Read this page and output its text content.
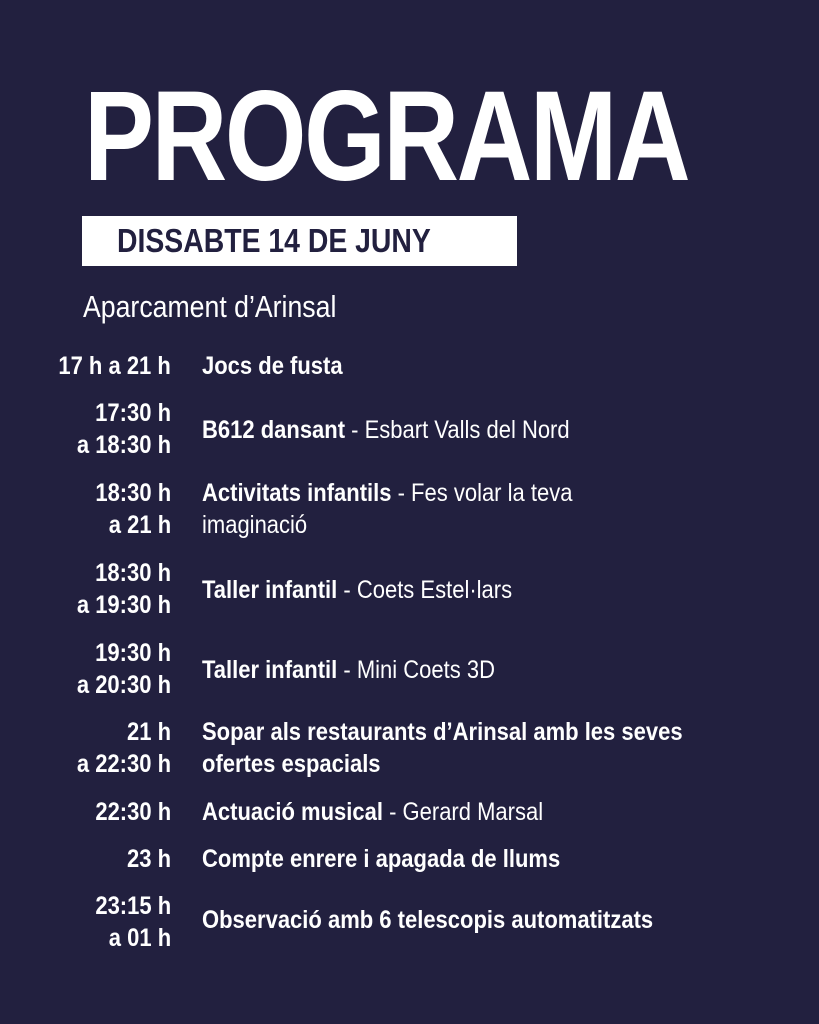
PROGRAMA
DISSABTE 14 DE JUNY
Aparcament d’Arinsal
17 h a 21 h Jocs de fusta
17:30 h
a 18:30 h
B612 dansant - Esbart Valls del Nord
18:30 h
a 21 h
Activitats infantils - Fes volar la teva imaginació
18:30 h
a 19:30 h
Taller infantil - Coets Estel·lars
19:30 h
a 20:30 h
Taller infantil - Mini Coets 3D
21 h
a 22:30 h
Sopar als restaurants d’Arinsal amb les seves ofertes espacials
22:30 h Actuació musical - Gerard Marsal
23 h Compte enrere i apagada de llums
23:15 h
a 01 h
Observació amb 6 telescopis automatitzats
